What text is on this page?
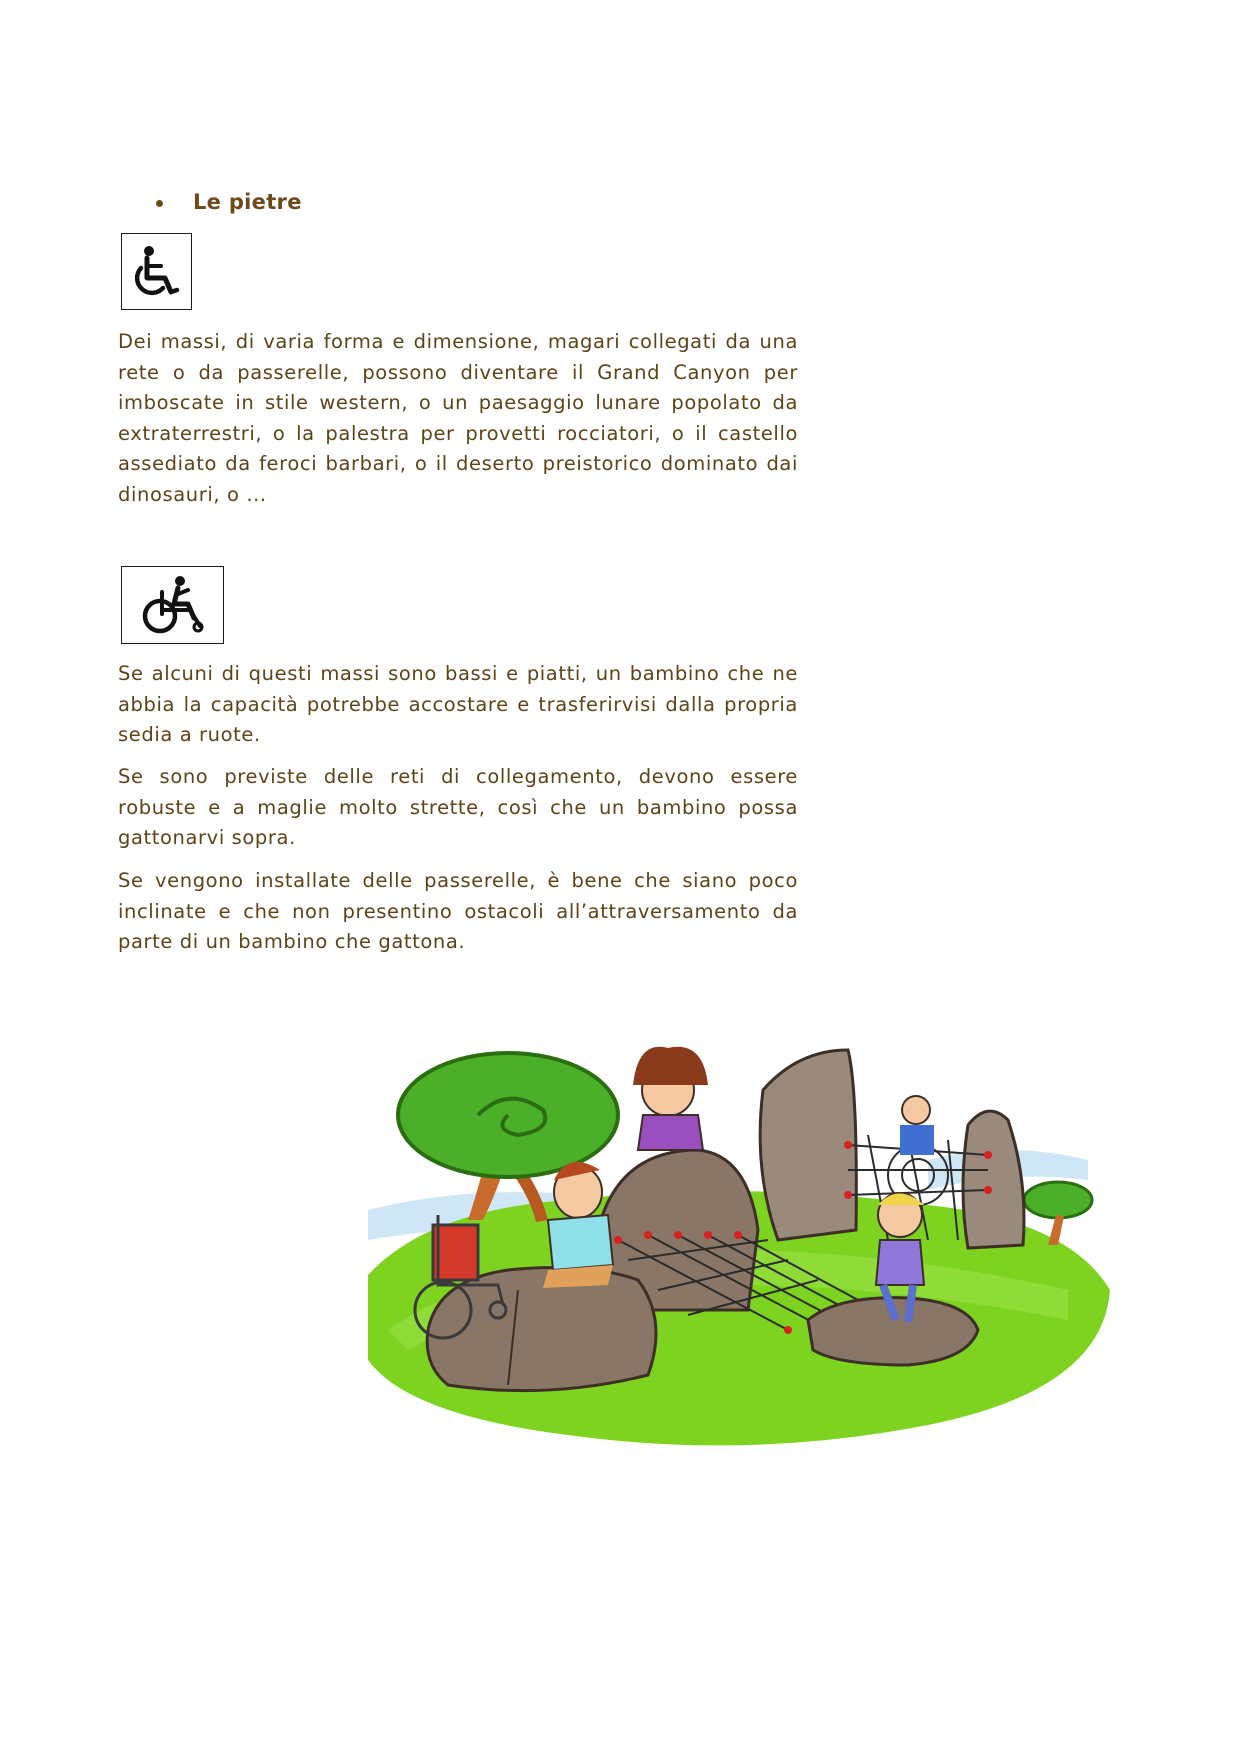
Le pietre

Dei massi, di varia forma e dimensione, magari collegati da una rete o da passerelle, possono diventare il Grand Canyon per imboscate in stile western, o un paesaggio lunare popolato da extraterrestri, o la palestra per provetti rocciatori, o il castello assediato da feroci barbari, o il deserto preistorico dominato dai dinosauri, o ...

Se alcuni di questi massi sono bassi e piatti, un bambino che ne abbia la capacità potrebbe accostare e trasferirvisi dalla propria sedia a ruote.

Se sono previste delle reti di collegamento, devono essere robuste e a maglie molto strette, così che un bambino possa gattonarvi sopra.

Se vengono installate delle passerelle, è bene che siano poco inclinate e che non presentino ostacoli all’attraversamento da parte di un bambino che gattona.
